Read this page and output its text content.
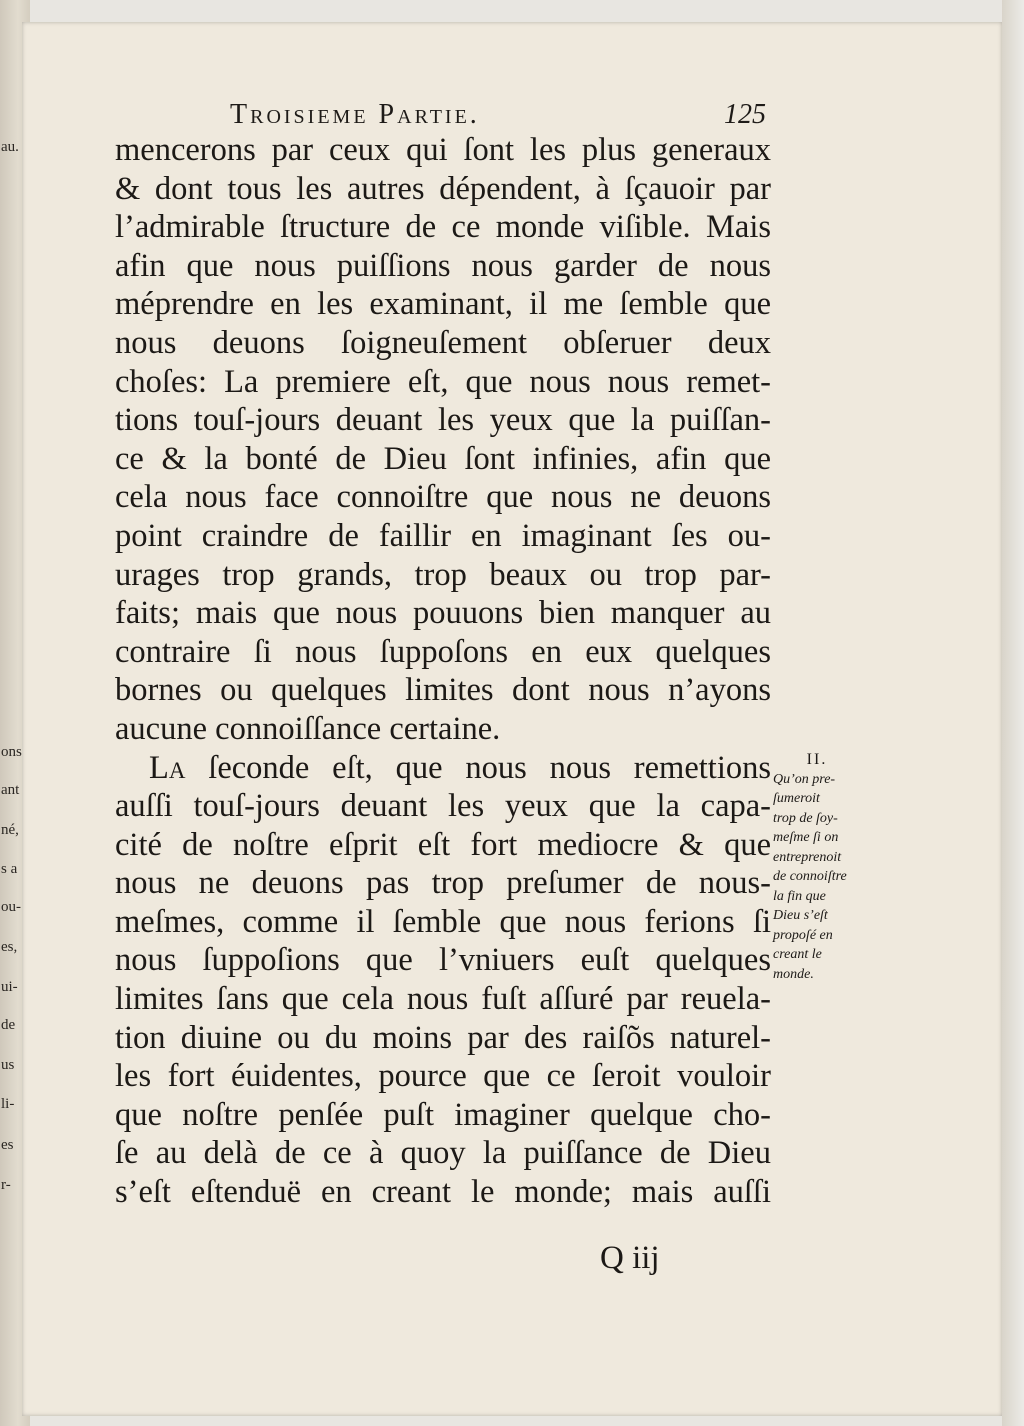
au.
ons
ant
né,
s a
ou-
es,
ui-
de
us
li-
es
r-
Troisieme Partie.	125
mencerons par ceux qui ſont les plus generaux
& dont tous les autres dépendent, à ſçauoir par
l’admirable ſtructure de ce monde viſible. Mais
afin que nous puiſſions nous garder de nous
méprendre en les examinant, il me ſemble que
nous deuons ſoigneuſement obſeruer deux
choſes: La premiere eſt, que nous nous remet-
tions touſ-jours deuant les yeux que la puiſſan-
ce & la bonté de Dieu ſont infinies, afin que
cela nous face connoiſtre que nous ne deuons
point craindre de faillir en imaginant ſes ou-
urages trop grands, trop beaux ou trop par-
faits; mais que nous pouuons bien manquer au
contraire ſi nous ſuppoſons en eux quelques
bornes ou quelques limites dont nous n’ayons
aucune connoiſſance certaine.
La ſeconde eſt, que nous nous remettions
auſſi touſ-jours deuant les yeux que la capa-
cité de noſtre eſprit eſt fort mediocre & que
nous ne deuons pas trop preſumer de nous-
meſmes, comme il ſemble que nous ferions ſi
nous ſuppoſions que l’vniuers euſt quelques
limites ſans que cela nous fuſt aſſuré par reuela-
tion diuine ou du moins par des raiſõs naturel-
les fort éuidentes, pource que ce ſeroit vouloir
que noſtre penſée puſt imaginer quelque cho-
ſe au delà de ce à quoy la puiſſance de Dieu
s’eſt eſtenduë en creant le monde; mais auſſi
II.
Qu’on pre-
ſumeroit
trop de ſoy-
meſme ſi on
entreprenoit
de connoiſtre
la fin que
Dieu s’eſt
propoſé en
creant le
monde.
Q iij
